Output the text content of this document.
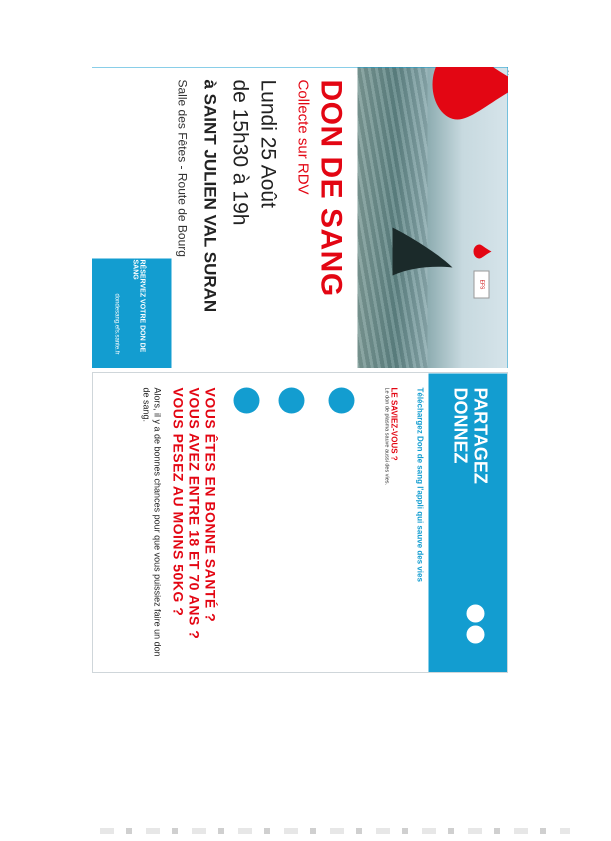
EFS
DON DE SANG
Collecte sur RDV
Lundi 25 Août
de 15h30 à 19h
à SAINT JULIEN VAL SURAN
Salle des Fêtes - Route de Bourg
RÉSERVEZ VOTRE DON DE SANG
dondesang.efs.sante.fr
PARTAGEZ
DONNEZ
Téléchargez Don de sang l'appli qui sauve des vies
LE SAVIEZ-VOUS ?
Le don de plasma sauve aussi des vies.
Alors, il y a de bonnes chances pour que vous puissiez faire un don de sang.	VOUS ÊTES EN BONNE SANTÉ ?
VOUS AVEZ ENTRE 18 ET 70 ANS ?
VOUS PESEZ AU MOINS 50KG ?
